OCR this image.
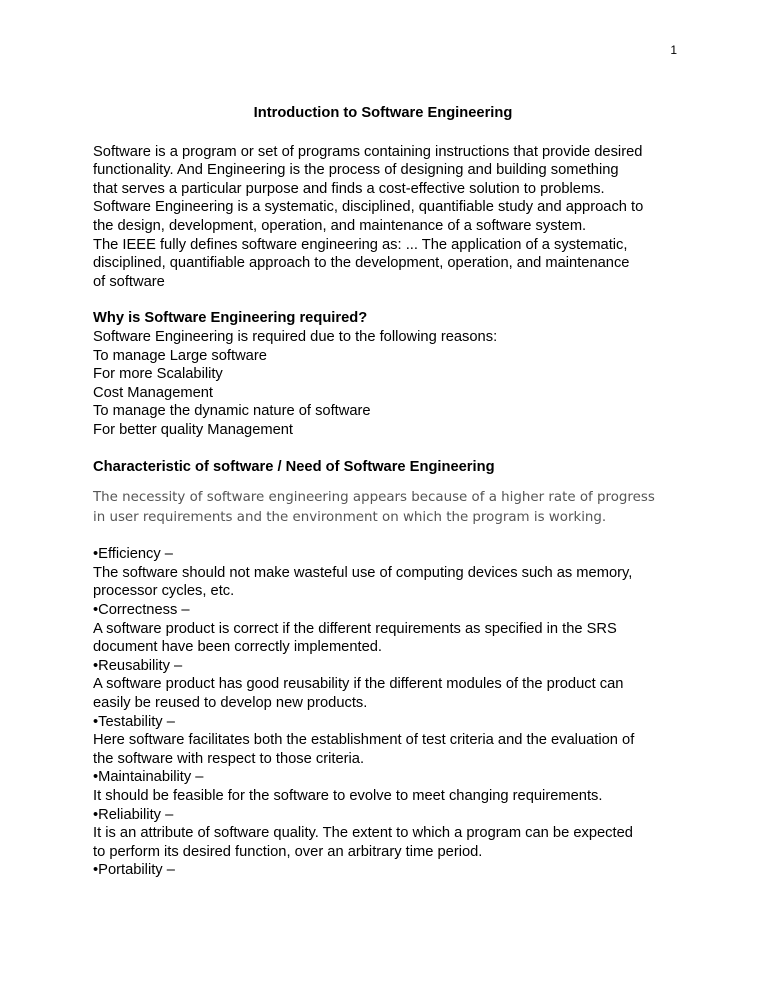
1

Introduction to Software Engineering

Software is a program or set of programs containing instructions that provide desired

functionality. And Engineering is the process of designing and building something

that serves a particular purpose and finds a cost-effective solution to problems.

Software Engineering is a systematic, disciplined, quantifiable study and approach to

the design, development, operation, and maintenance of a software system.

The IEEE fully defines software engineering as: ... The application of a systematic,

disciplined, quantifiable approach to the development, operation, and maintenance

of software

Why is Software Engineering required?

Software Engineering is required due to the following reasons:

To manage Large software

For more Scalability

Cost Management

To manage the dynamic nature of software

For better quality Management

Characteristic of software / Need of Software Engineering

The necessity of software engineering appears because of a higher rate of progress

in user requirements and the environment on which the program is working.

•Efficiency –

The software should not make wasteful use of computing devices such as memory,

processor cycles, etc.

•Correctness –

A software product is correct if the different requirements as specified in the SRS

document have been correctly implemented.

•Reusability –

A software product has good reusability if the different modules of the product can

easily be reused to develop new products.

•Testability –

Here software facilitates both the establishment of test criteria and the evaluation of

the software with respect to those criteria.

•Maintainability –

It should be feasible for the software to evolve to meet changing requirements.

•Reliability –

It is an attribute of software quality. The extent to which a program can be expected

to perform its desired function, over an arbitrary time period.

•Portability –
